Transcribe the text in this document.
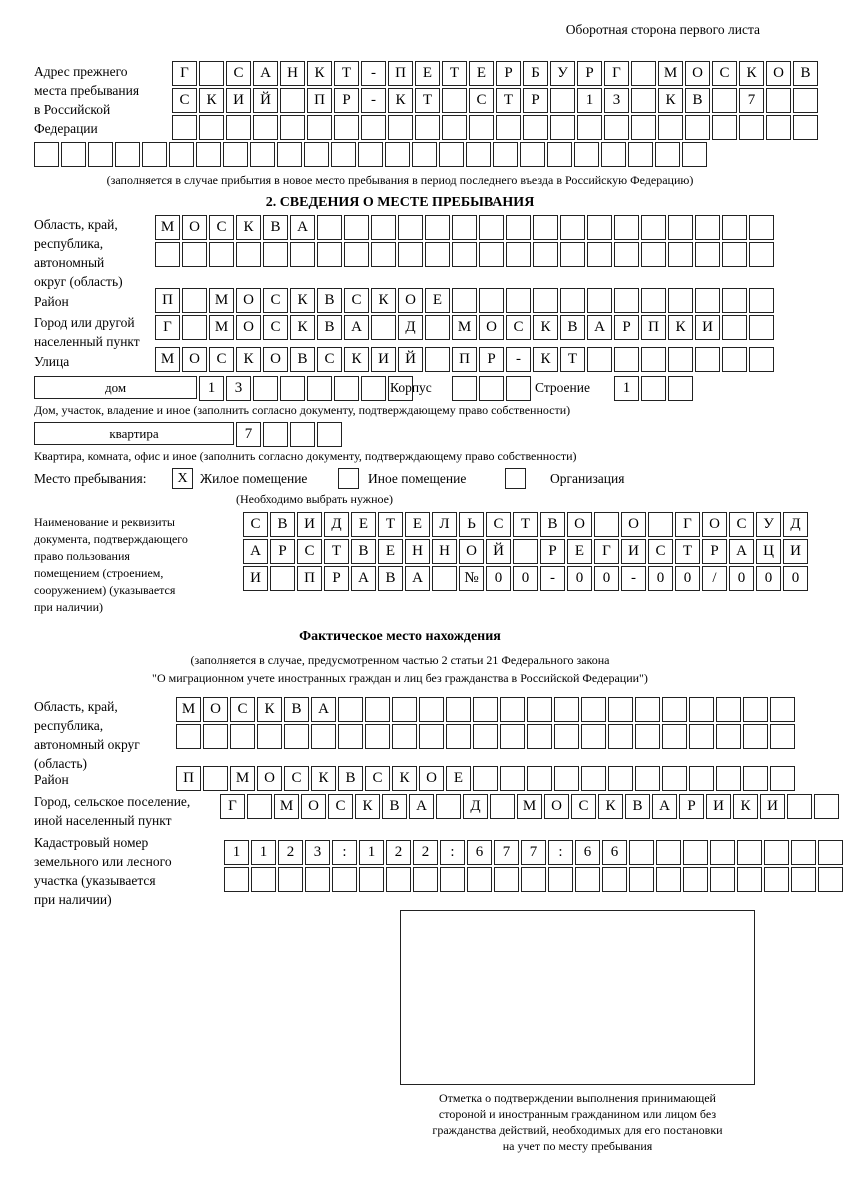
Оборотная сторона первого листа
Адрес прежнего
места пребывания
в Российской
Федерации
Г	С	А	Н	К	Т	-	П	Е	Т	Е	Р	Б	У	Р	Г	М О	С	К	О	В
С	К	И	Й	П	Р	-	К	Т	С	Т	Р	1	3	К	В	7
(заполняется в случае прибытия в новое место пребывания в период последнего въезда в Российскую Федерацию)
2. СВЕДЕНИЯ О МЕСТЕ ПРЕБЫВАНИЯ
Область, край,
республика,
автономный
округ (область)
М О	С	К	В	А
Район	П	М О	С	К	В	С	К	О	Е
Город или другой
населенный пункт
Г	М О	С	К	В	А	Д	М О	С	К	В	А	Р	П	К	И
Улица	М О	С	К	О	В	С	К	И	Й	П	Р	-	К	Т
дом	1	3	Корпус	Строение	1
Дом, участок, владение и иное (заполнить согласно документу, подтверждающему право собственности)
квартира	7
Квартира, комната, офис и иное (заполнить согласно документу, подтверждающему право собственности)
Место пребывания:	Х Жилое помещение	Иное помещение	Организация
(Необходимо выбрать нужное)
Наименование и реквизиты
документа, подтверждающего
право пользования
помещением (строением,
сооружением) (указывается
при наличии)
С	В	И	Д	Е	Т	Е	Л	Ь	С	Т	В	О	О	Г	О	С	У	Д
А	Р	С	Т	В	Е	Н	Н	О	Й	Р	Е	Г	И	С	Т	Р	А	Ц	И
И	П	Р	А	В	А	№	0	0	-	0	0	-	0	0	/	0	0	0
Фактическое место нахождения
(заполняется в случае, предусмотренном частью 2 статьи 21 Федерального закона
"О миграционном учете иностранных граждан и лиц без гражданства в Российской Федерации")
Область, край,
республика,
автономный округ
(область)
М О	С	К	В	А
Район	П	М О	С	К	В	С	К	О	Е
Город, сельское поселение,
иной населенный пункт
Г	М О	С	К	В	А	Д	М О	С	К	В	А	Р	И	К	И
Кадастровый номер
земельного или лесного
участка (указывается
при наличии)
1	1	2	3	:	1	2	2	:	6	7	7	:	6	6
Отметка о подтверждении выполнения принимающей
стороной и иностранным гражданином или лицом без
гражданства действий, необходимых для его постановки
на учет по месту пребывания
